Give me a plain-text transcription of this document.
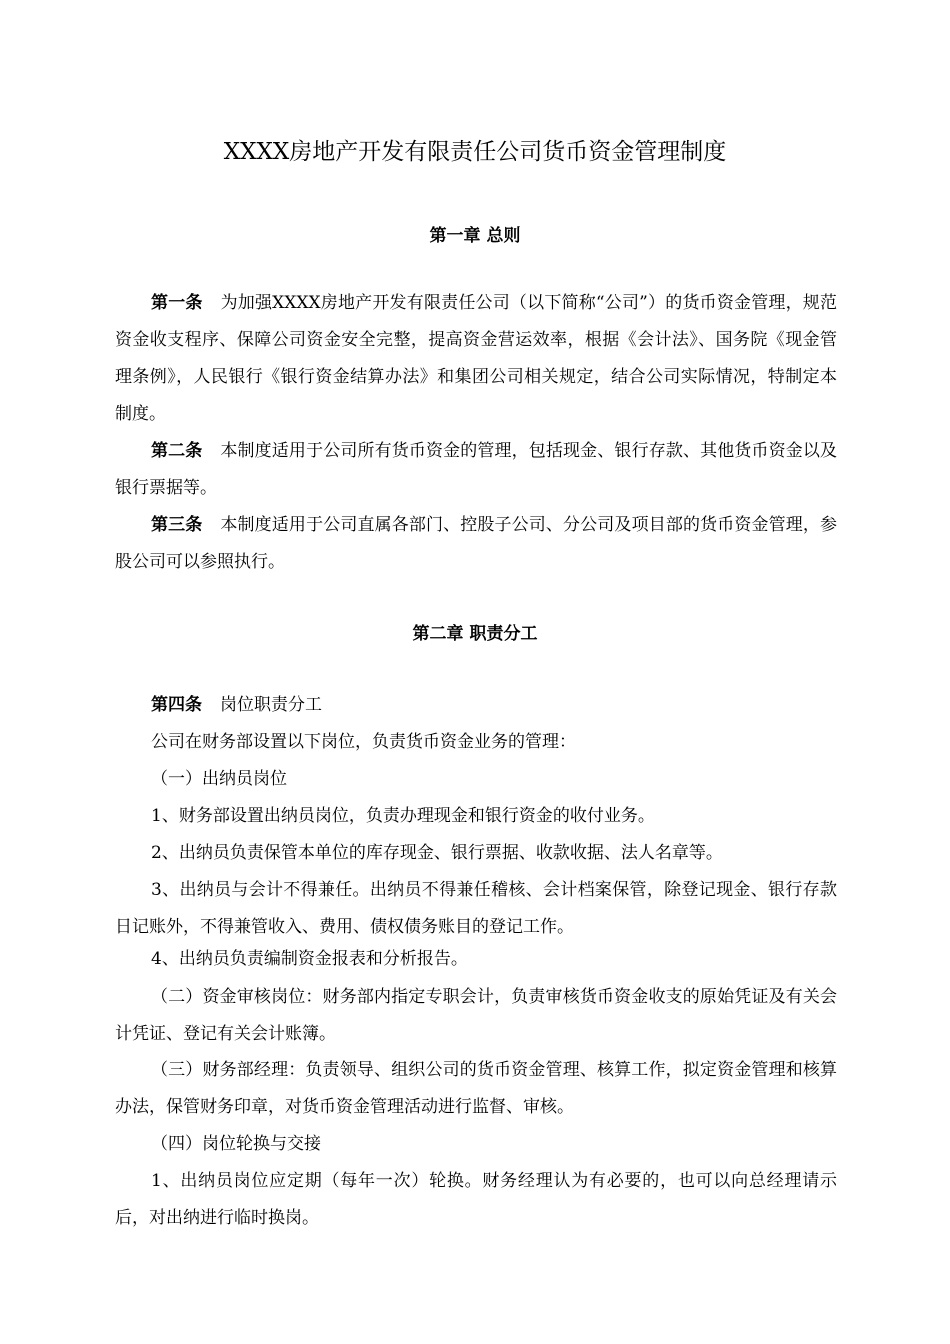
XXXX房地产开发有限责任公司货币资金管理制度
第一章 总则

第一条 为加强XXXX房地产开发有限责任公司（以下简称“公司”）的货币资金管理，规范资金收支程序、保障公司资金安全完整，提高资金营运效率，根据《会计法》、国务院《现金管理条例》，人民银行《银行资金结算办法》和集团公司相关规定，结合公司实际情况，特制定本制度。

第二条 本制度适用于公司所有货币资金的管理，包括现金、银行存款、其他货币资金以及银行票据等。

第三条 本制度适用于公司直属各部门、控股子公司、分公司及项目部的货币资金管理，参股公司可以参照执行。

第二章 职责分工

第四条 岗位职责分工

公司在财务部设置以下岗位，负责货币资金业务的管理：

（一）出纳员岗位

1、财务部设置出纳员岗位，负责办理现金和银行资金的收付业务。

2、出纳员负责保管本单位的库存现金、银行票据、收款收据、法人名章等。

3、出纳员与会计不得兼任。出纳员不得兼任稽核、会计档案保管，除登记现金、银行存款日记账外，不得兼管收入、费用、债权债务账目的登记工作。

4、出纳员负责编制资金报表和分析报告。

（二）资金审核岗位：财务部内指定专职会计，负责审核货币资金收支的原始凭证及有关会计凭证、登记有关会计账簿。

（三）财务部经理：负责领导、组织公司的货币资金管理、核算工作，拟定资金管理和核算办法，保管财务印章，对货币资金管理活动进行监督、审核。

（四）岗位轮换与交接

1、出纳员岗位应定期（每年一次）轮换。财务经理认为有必要的，也可以向总经理请示后，对出纳进行临时换岗。
